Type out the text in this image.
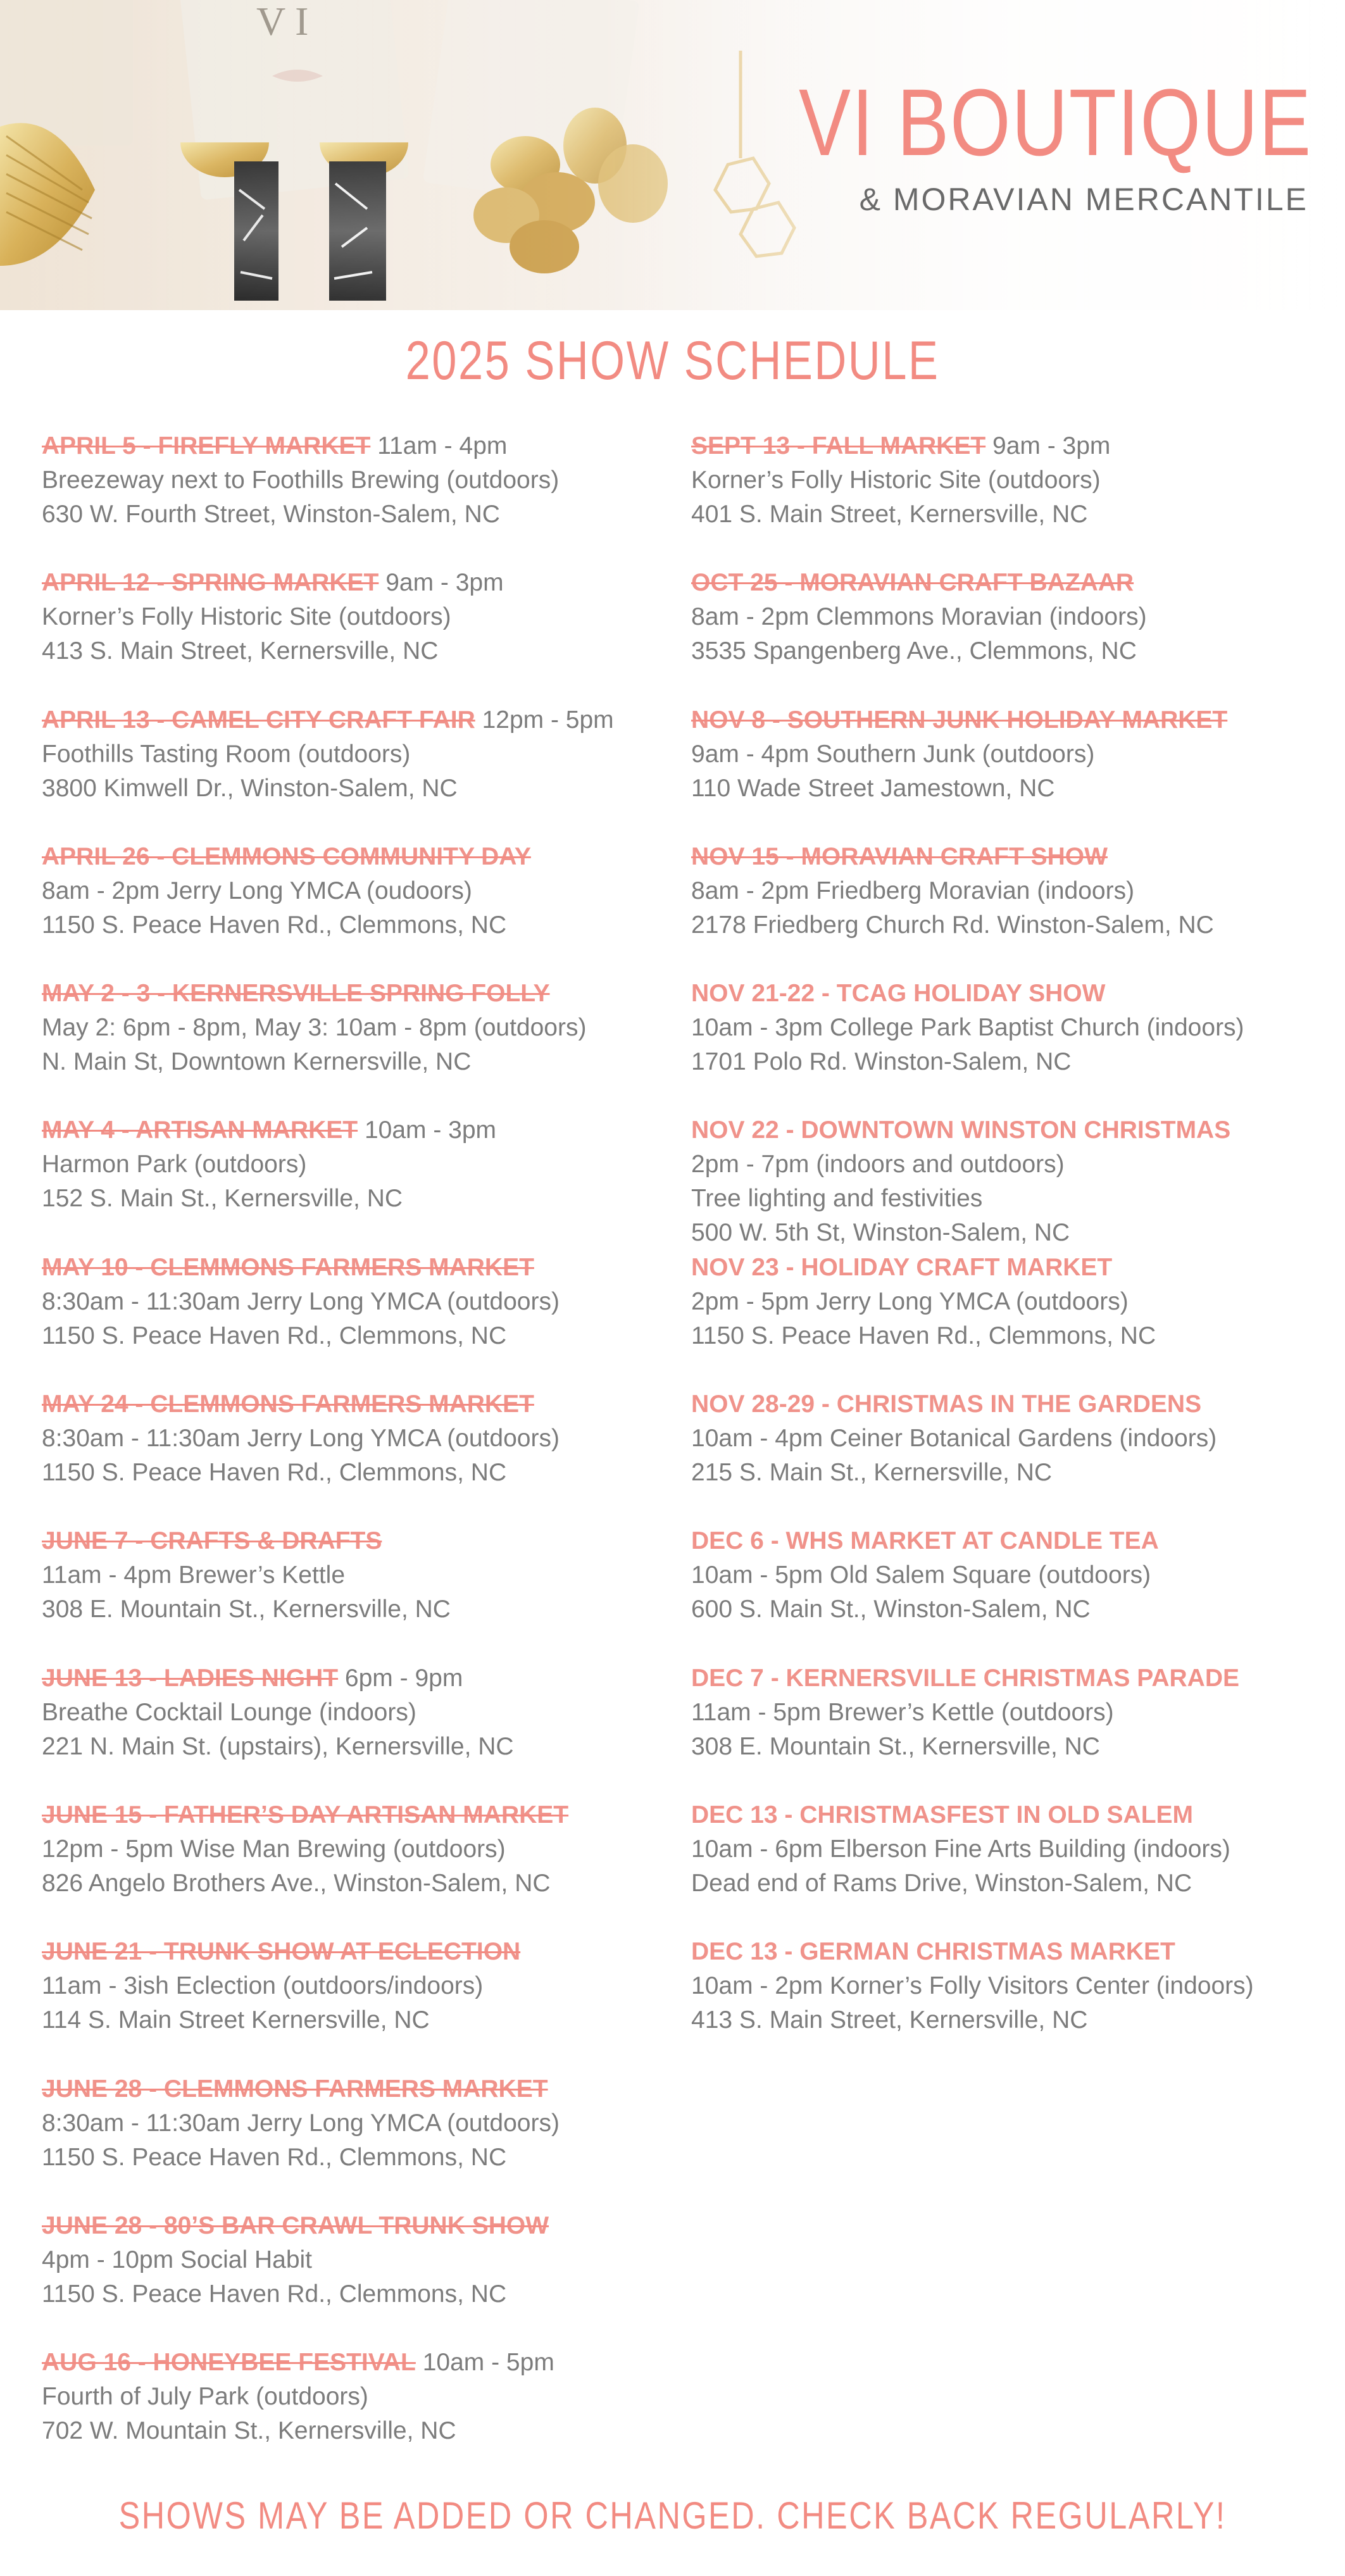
VI BOUTIQUE
& MORAVIAN MERCANTILE
2025 SHOW SCHEDULE
APRIL 5 - FIREFLY MARKET 11am - 4pm
Breezeway next to Foothills Brewing (outdoors)
630 W. Fourth Street, Winston-Salem, NC
APRIL 12 - SPRING MARKET 9am - 3pm
Korner’s Folly Historic Site (outdoors)
413 S. Main Street, Kernersville, NC
APRIL 13 - CAMEL CITY CRAFT FAIR 12pm - 5pm
Foothills Tasting Room (outdoors)
3800 Kimwell Dr., Winston-Salem, NC
APRIL 26 - CLEMMONS COMMUNITY DAY
8am - 2pm Jerry Long YMCA (oudoors)
1150 S. Peace Haven Rd., Clemmons, NC
MAY 2 - 3 - KERNERSVILLE SPRING FOLLY
May 2: 6pm - 8pm, May 3: 10am - 8pm (outdoors)
N. Main St, Downtown Kernersville, NC
MAY 4 - ARTISAN MARKET 10am - 3pm
Harmon Park (outdoors)
152 S. Main St., Kernersville, NC
MAY 10 - CLEMMONS FARMERS MARKET
8:30am - 11:30am Jerry Long YMCA (outdoors)
1150 S. Peace Haven Rd., Clemmons, NC
MAY 24 - CLEMMONS FARMERS MARKET
8:30am - 11:30am Jerry Long YMCA (outdoors)
1150 S. Peace Haven Rd., Clemmons, NC
JUNE 7 - CRAFTS & DRAFTS
11am - 4pm Brewer’s Kettle
308 E. Mountain St., Kernersville, NC
JUNE 13 - LADIES NIGHT 6pm - 9pm
Breathe Cocktail Lounge (indoors)
221 N. Main St. (upstairs), Kernersville, NC
JUNE 15 - FATHER’S DAY ARTISAN MARKET
12pm - 5pm Wise Man Brewing (outdoors)
826 Angelo Brothers Ave., Winston-Salem, NC
JUNE 21 - TRUNK SHOW AT ECLECTION
11am - 3ish Eclection (outdoors/indoors)
114 S. Main Street Kernersville, NC
JUNE 28 - CLEMMONS FARMERS MARKET
8:30am - 11:30am Jerry Long YMCA (outdoors)
1150 S. Peace Haven Rd., Clemmons, NC
JUNE 28 - 80’S BAR CRAWL TRUNK SHOW
4pm - 10pm Social Habit
1150 S. Peace Haven Rd., Clemmons, NC
AUG 16 - HONEYBEE FESTIVAL 10am - 5pm
Fourth of July Park (outdoors)
702 W. Mountain St., Kernersville, NC
SEPT 13 - FALL MARKET 9am - 3pm
Korner’s Folly Historic Site (outdoors)
401 S. Main Street, Kernersville, NC
OCT 25 - MORAVIAN CRAFT BAZAAR
8am - 2pm Clemmons Moravian (indoors)
3535 Spangenberg Ave., Clemmons, NC
NOV 8 - SOUTHERN JUNK HOLIDAY MARKET
9am - 4pm Southern Junk (outdoors)
110 Wade Street Jamestown, NC
NOV 15 - MORAVIAN CRAFT SHOW
8am - 2pm Friedberg Moravian (indoors)
2178 Friedberg Church Rd. Winston-Salem, NC
NOV 21-22 - TCAG HOLIDAY SHOW
10am - 3pm College Park Baptist Church (indoors)
1701 Polo Rd. Winston-Salem, NC
NOV 22 - DOWNTOWN WINSTON CHRISTMAS
2pm - 7pm (indoors and outdoors)
Tree lighting and festivities
500 W. 5th St, Winston-Salem, NC
NOV 23 - HOLIDAY CRAFT MARKET
2pm - 5pm Jerry Long YMCA (outdoors)
1150 S. Peace Haven Rd., Clemmons, NC
NOV 28-29 - CHRISTMAS IN THE GARDENS
10am - 4pm Ceiner Botanical Gardens (indoors)
215 S. Main St., Kernersville, NC
DEC 6 - WHS MARKET AT CANDLE TEA
10am - 5pm Old Salem Square (outdoors)
600 S. Main St., Winston-Salem, NC
DEC 7 - KERNERSVILLE CHRISTMAS PARADE
11am - 5pm Brewer’s Kettle (outdoors)
308 E. Mountain St., Kernersville, NC
DEC 13 - CHRISTMASFEST IN OLD SALEM
10am - 6pm Elberson Fine Arts Building (indoors)
Dead end of Rams Drive, Winston-Salem, NC
DEC 13 - GERMAN CHRISTMAS MARKET
10am - 2pm Korner’s Folly Visitors Center (indoors)
413 S. Main Street, Kernersville, NC
SHOWS MAY BE ADDED OR CHANGED. CHECK BACK REGULARLY!
